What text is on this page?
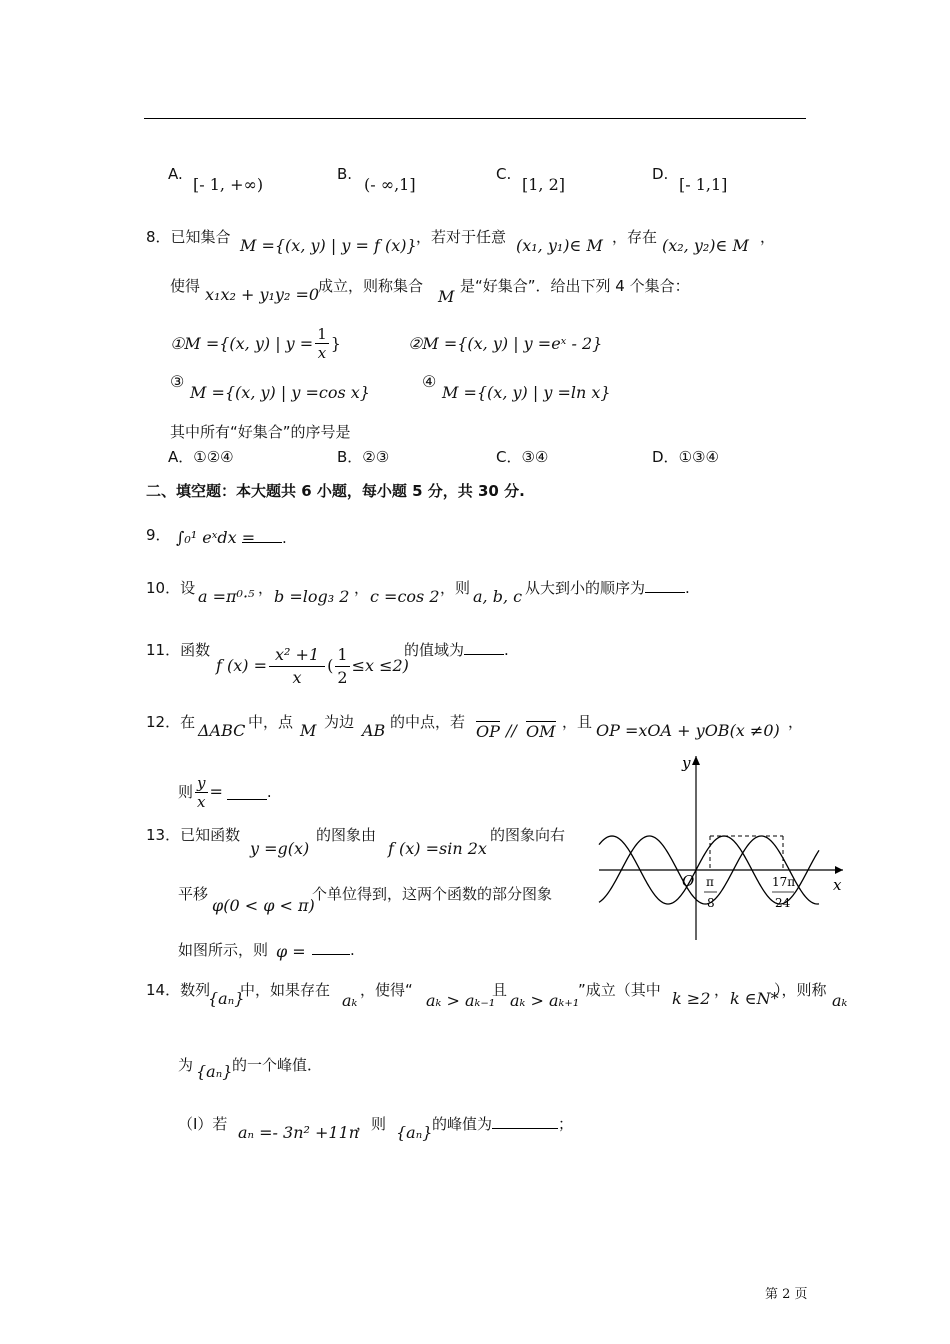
A.
[- 1, +∞)
B.
(- ∞,1]
C.
[1, 2]
D.
[- 1,1]
8．已知集合 M ={(x, y) | y = f (x)} ，若对于任意 (x₁, y₁)∈ M ，存在 (x₂, y₂)∈ M ，
使得 x₁x₂ + y₁y₂ =0
成立，则称集合
M
是“好集合”．给出下列 4 个集合：
①M ={(x, y) | $y = \frac{1}{x}$ }	②M ={(x, y) | y =eˣ - 2}
③
M ={(x, y) | y =cos x}
④
M ={(x, y) | y =ln x}
其中所有“好集合”的序号是
A．①②④	B．②③	C．③④	D．①③④
二、填空题：本大题共 6 小题，每小题 5 分，共 30 分.
9． ∫₀¹ eˣdx =	.
10．设 a =π⁰·⁵ ， b =log₃ 2 ， c =cos 2 ，则 a, b, c 从大到小的顺序为	.
11．函数
f $(x) = \frac{\text{x² +1}}{x}$ ( $\frac{1}{2} \le x \le 2$)
的值域为	.
12．在 ΔABC 中，点 M 为边 AB 的中点，若 OP // OM ，且 OP =xOA + yOB(x ≠0) ，
则 $\frac{y}{x}$ =	.
13．已知函数
y =g(x)
的图象由
f (x) =sin 2x
的图象向右
平移
φ(0 < φ < π)
个单位得到，这两个函数的部分图象
如图所示，则 φ =	.
y
x
O π
8
17π
24
14．数列
{aₙ}
中，如果存在
aₖ
，使得“
aₖ > aₖ₋₁
且
aₖ > aₖ₊₁
”成立（其中 k ≥2 ， k ∈N*
），则称
aₖ
为 {aₙ} 的一个峰值．
（Ⅰ）若 aₙ =- 3n² +11n
，则 {aₙ} 的峰值为	；
第 2 页
